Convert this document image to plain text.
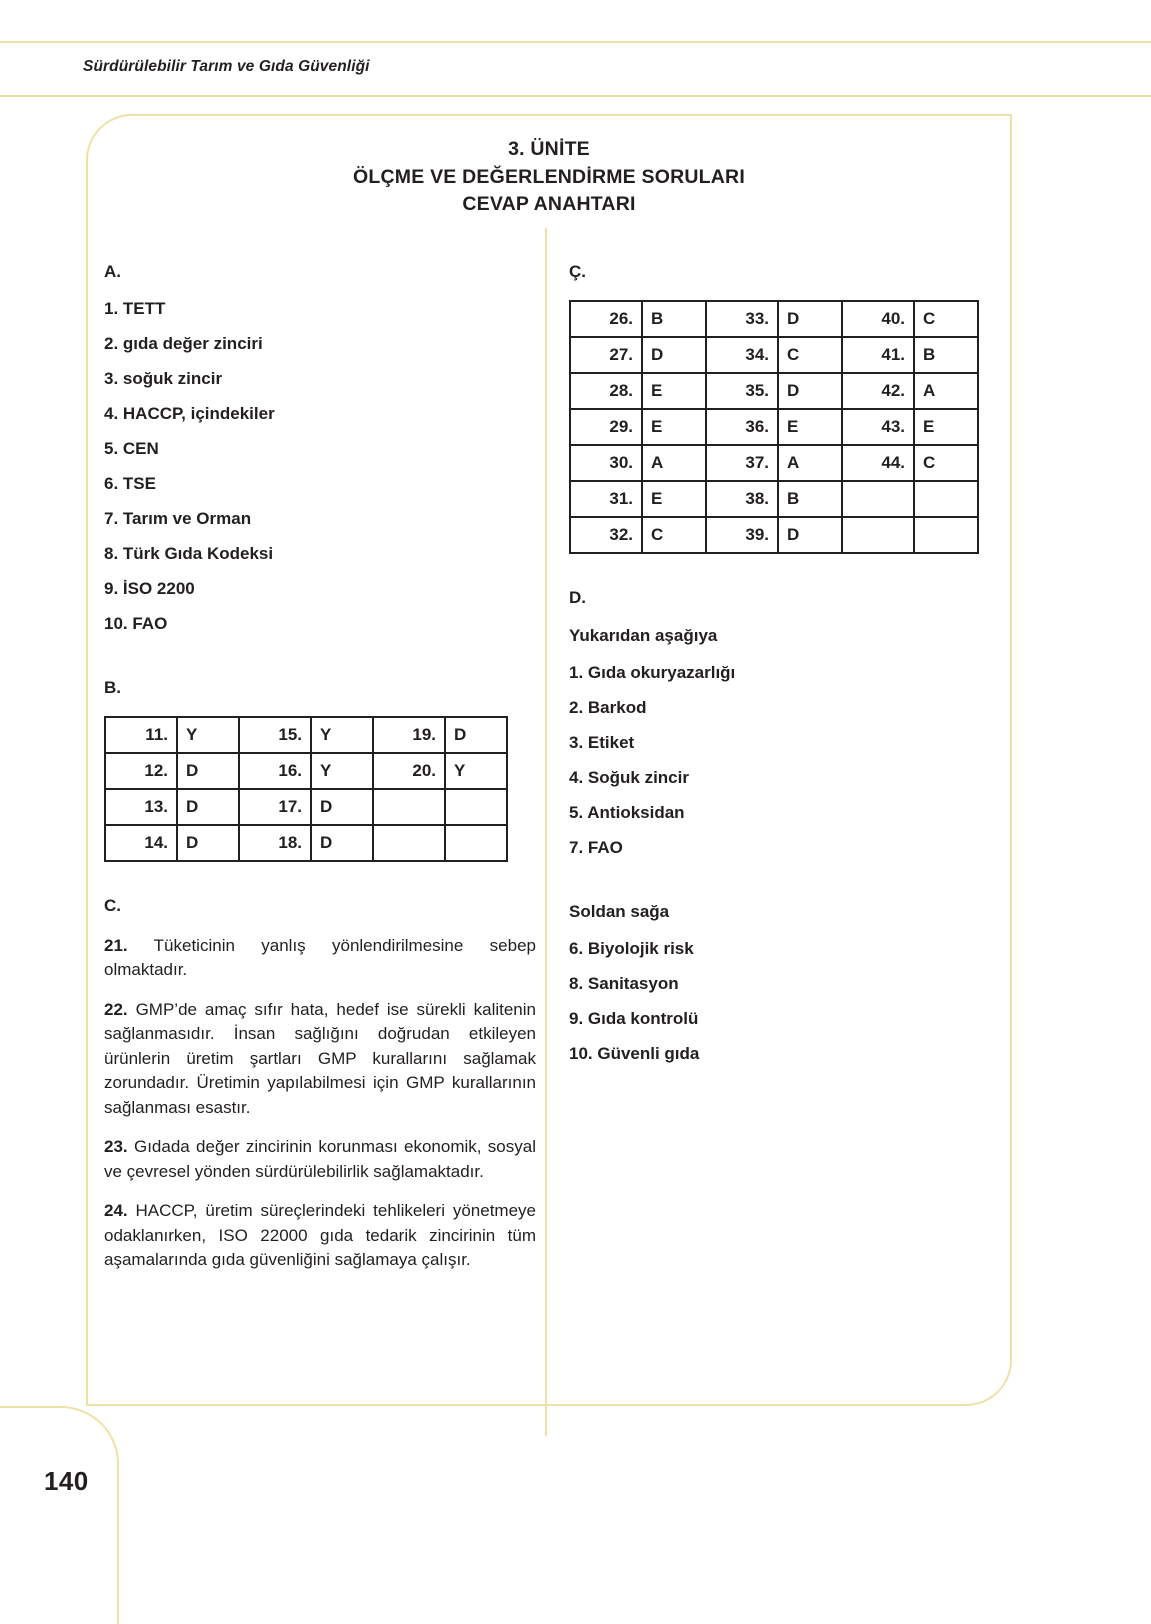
Sürdürülebilir Tarım ve Gıda Güvenliği
140
3. ÜNİTE
ÖLÇME VE DEĞERLENDİRME SORULARI
CEVAP ANAHTARI
A.
1. TETT
2. gıda değer zinciri
3. soğuk zincir
4. HACCP, içindekiler
5. CEN
6. TSE
7. Tarım ve Orman
8. Türk Gıda Kodeksi
9. İSO 2200
10. FAO
B.
11.	Y	15.	Y	19.	D
12.	D	16.	Y	20.	Y
13.	D	17.	D		
14.	D	18.	D		
C.

21. Tüketicinin yanlış yönlendirilmesine sebep olmaktadır.

22. GMP’de amaç sıfır hata, hedef ise sürekli kalitenin sağlanmasıdır. İnsan sağlığını doğrudan etkileyen ürünlerin üretim şartları GMP kurallarını sağlamak zorundadır. Üretimin yapılabilmesi için GMP kurallarının sağlanması esastır.

23. Gıdada değer zincirinin korunması ekonomik, sosyal ve çevresel yönden sürdürülebilirlik sağlamaktadır.

24. HACCP, üretim süreçlerindeki tehlikeleri yönetmeye odaklanırken, ISO 22000 gıda tedarik zincirinin tüm aşamalarında gıda güvenliğini sağlamaya çalışır.

Ç.
26.	B	33.	D	40.	C
27.	D	34.	C	41.	B
28.	E	35.	D	42.	A
29.	E	36.	E	43.	E
30.	A	37.	A	44.	C
31.	E	38.	B		
32.	C	39.	D		
D.
Yukarıdan aşağıya
1. Gıda okuryazarlığı
2. Barkod
3. Etiket
4. Soğuk zincir
5. Antioksidan
7. FAO
Soldan sağa
6. Biyolojik risk
8. Sanitasyon
9. Gıda kontrolü
10. Güvenli gıda
